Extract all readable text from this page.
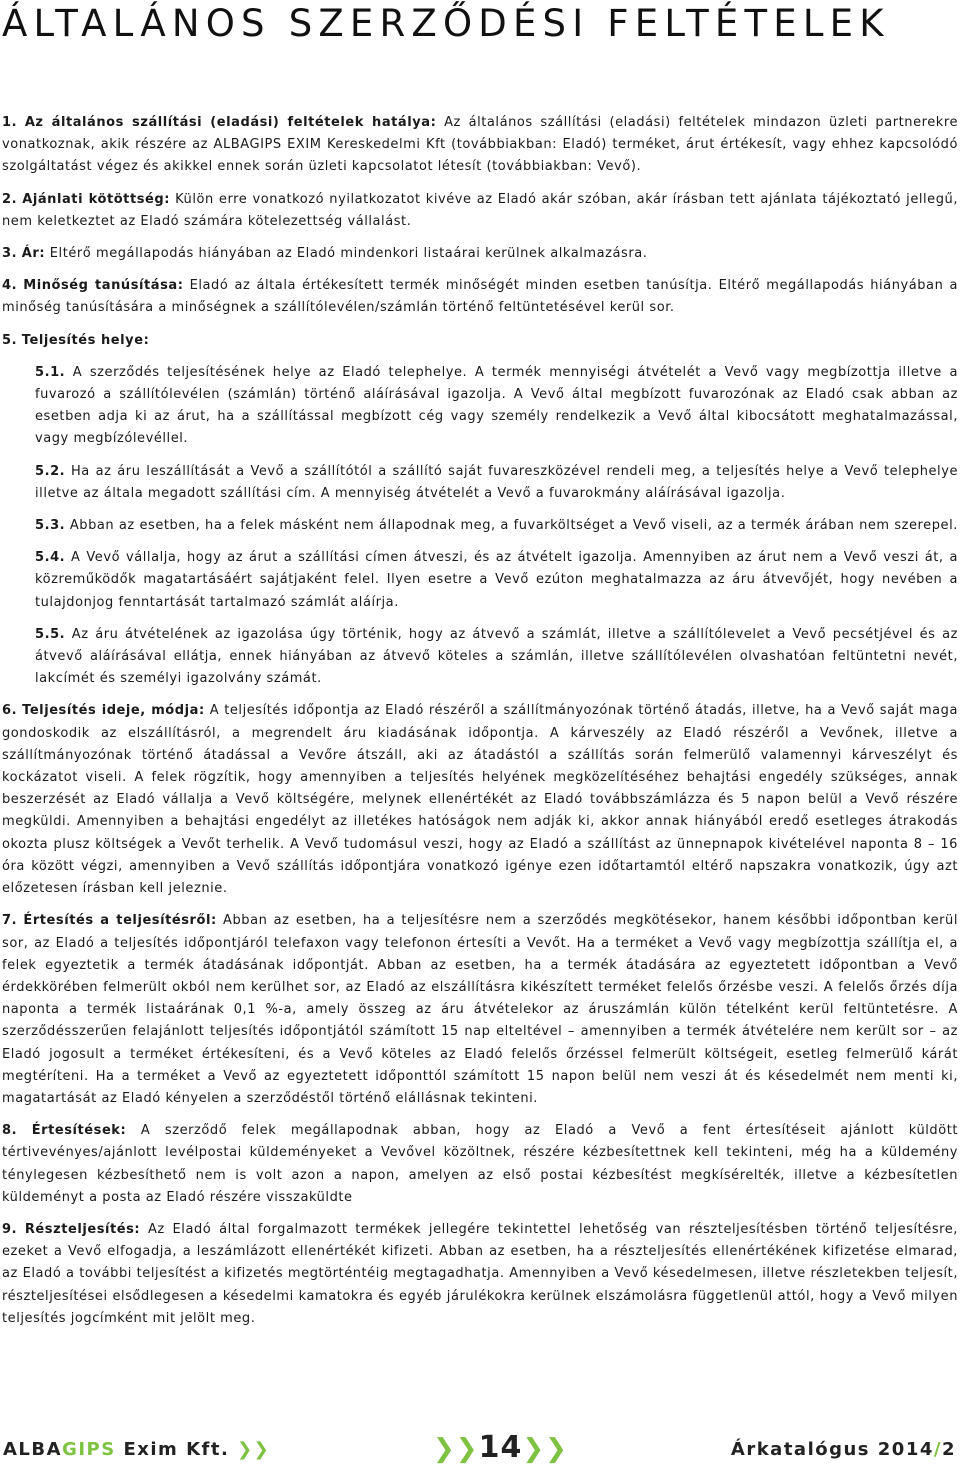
ÁLTALÁNOS SZERZŐDÉSI FELTÉTELEK

1. Az általános szállítási (eladási) feltételek hatálya: Az általános szállítási (eladási) feltételek mindazon üzleti partnerekre vonatkoznak, akik részére az ALBAGIPS EXIM Kereskedelmi Kft (továbbiakban: Eladó) terméket, árut értékesít, vagy ehhez kapcsolódó szolgáltatást végez és akikkel ennek során üzleti kapcsolatot létesít (továbbiakban: Vevő).

2. Ajánlati kötöttség: Külön erre vonatkozó nyilatkozatot kivéve az Eladó akár szóban, akár írásban tett ajánlata tájékoztató jellegű, nem keletkeztet az Eladó számára kötelezettség vállalást.

3. Ár: Eltérő megállapodás hiányában az Eladó mindenkori listaárai kerülnek alkalmazásra.

4. Minőség tanúsítása: Eladó az általa értékesített termék minőségét minden esetben tanúsítja. Eltérő megállapodás hiányában a minőség tanúsítására a minőségnek a szállítólevélen/számlán történő feltüntetésével kerül sor.

5. Teljesítés helye:

5.1. A szerződés teljesítésének helye az Eladó telephelye. A termék mennyiségi átvételét a Vevő vagy megbízottja illetve a fuvarozó a szállítólevélen (számlán) történő aláírásával igazolja. A Vevő által megbízott fuvarozónak az Eladó csak abban az esetben adja ki az árut, ha a szállítással megbízott cég vagy személy rendelkezik a Vevő által kibocsátott meghatalmazással, vagy megbízólevéllel.

5.2. Ha az áru leszállítását a Vevő a szállítótól a szállító saját fuvareszközével rendeli meg, a teljesítés helye a Vevő telephelye illetve az általa megadott szállítási cím. A mennyiség átvételét a Vevő a fuvarokmány aláírásával igazolja.

5.3. Abban az esetben, ha a felek másként nem állapodnak meg, a fuvarköltséget a Vevő viseli, az a termék árában nem szerepel.

5.4. A Vevő vállalja, hogy az árut a szállítási címen átveszi, és az átvételt igazolja. Amennyiben az árut nem a Vevő veszi át, a közreműködők magatartásáért sajátjaként felel. Ilyen esetre a Vevő ezúton meghatalmazza az áru átvevőjét, hogy nevében a tulajdonjog fenntartását tartalmazó számlát aláírja.

5.5. Az áru átvételének az igazolása úgy történik, hogy az átvevő a számlát, illetve a szállítólevelet a Vevő pecsétjével és az átvevő aláírásával ellátja, ennek hiányában az átvevő köteles a számlán, illetve szállítólevélen olvashatóan feltüntetni nevét, lakcímét és személyi igazolvány számát.

6. Teljesítés ideje, módja: A teljesítés időpontja az Eladó részéről a szállítmányozónak történő átadás, illetve, ha a Vevő saját maga gondoskodik az elszállításról, a megrendelt áru kiadásának időpontja. A kárveszély az Eladó részéről a Vevőnek, illetve a szállítmányozónak történő átadással a Vevőre átszáll, aki az átadástól a szállítás során felmerülő valamennyi kárveszélyt és kockázatot viseli. A felek rögzítik, hogy amennyiben a teljesítés helyének megközelítéséhez behajtási engedély szükséges, annak beszerzését az Eladó vállalja a Vevő költségére, melynek ellenértékét az Eladó továbbszámlázza és 5 napon belül a Vevő részére megküldi. Amennyiben a behajtási engedélyt az illetékes hatóságok nem adják ki, akkor annak hiányából eredő esetleges átrakodás okozta plusz költségek a Vevőt terhelik. A Vevő tudomásul veszi, hogy az Eladó a szállítást az ünnepnapok kivételével naponta 8 – 16 óra között végzi, amennyiben a Vevő szállítás időpontjára vonatkozó igénye ezen időtartamtól eltérő napszakra vonatkozik, úgy azt előzetesen írásban kell jeleznie.

7. Értesítés a teljesítésről: Abban az esetben, ha a teljesítésre nem a szerződés megkötésekor, hanem későbbi időpontban kerül sor, az Eladó a teljesítés időpontjáról telefaxon vagy telefonon értesíti a Vevőt. Ha a terméket a Vevő vagy megbízottja szállítja el, a felek egyeztetik a termék átadásának időpontját. Abban az esetben, ha a termék átadására az egyeztetett időpontban a Vevő érdekkörében felmerült okból nem kerülhet sor, az Eladó az elszállításra kikészített terméket felelős őrzésbe veszi. A felelős őrzés díja naponta a termék listaárának 0,1 %-a, amely összeg az áru átvételekor az áruszámlán külön tételként kerül feltüntetésre. A szerződésszerűen felajánlott teljesítés időpontjától számított 15 nap elteltével – amennyiben a termék átvételére nem került sor – az Eladó jogosult a terméket értékesíteni, és a Vevő köteles az Eladó felelős őrzéssel felmerült költségeit, esetleg felmerülő kárát megtéríteni. Ha a terméket a Vevő az egyeztetett időponttól számított 15 napon belül nem veszi át és késedelmét nem menti ki, magatartását az Eladó kényelen a szerződéstől történő elállásnak tekinteni.

8. Értesítések: A szerződő felek megállapodnak abban, hogy az Eladó a Vevő a fent értesítéseit ajánlott küldött tértivevényes/ajánlott levélpostai küldeményeket a Vevővel közöltnek, részére kézbesítettnek kell tekinteni, még ha a küldemény ténylegesen kézbesíthető nem is volt azon a napon, amelyen az első postai kézbesítést megkísérelték, illetve a kézbesítetlen küldeményt a posta az Eladó részére visszaküldte

9. Részteljesítés: Az Eladó által forgalmazott termékek jellegére tekintettel lehetőség van részteljesítésben történő teljesítésre, ezeket a Vevő elfogadja, a leszámlázott ellenértékét kifizeti. Abban az esetben, ha a részteljesítés ellenértékének kifizetése elmarad, az Eladó a további teljesítést a kifizetés megtörténtéig megtagadhatja. Amennyiben a Vevő késedelmesen, illetve részletekben teljesít, részteljesítései elsődlegesen a késedelmi kamatokra és egyéb járulékokra kerülnek elszámolásra függetlenül attól, hogy a Vevő milyen teljesítés jogcímként mit jelölt meg.

ALBAGIPS Exim Kft. ❯❯	❯❯14❯❯	Árkatalógus 2014/2
